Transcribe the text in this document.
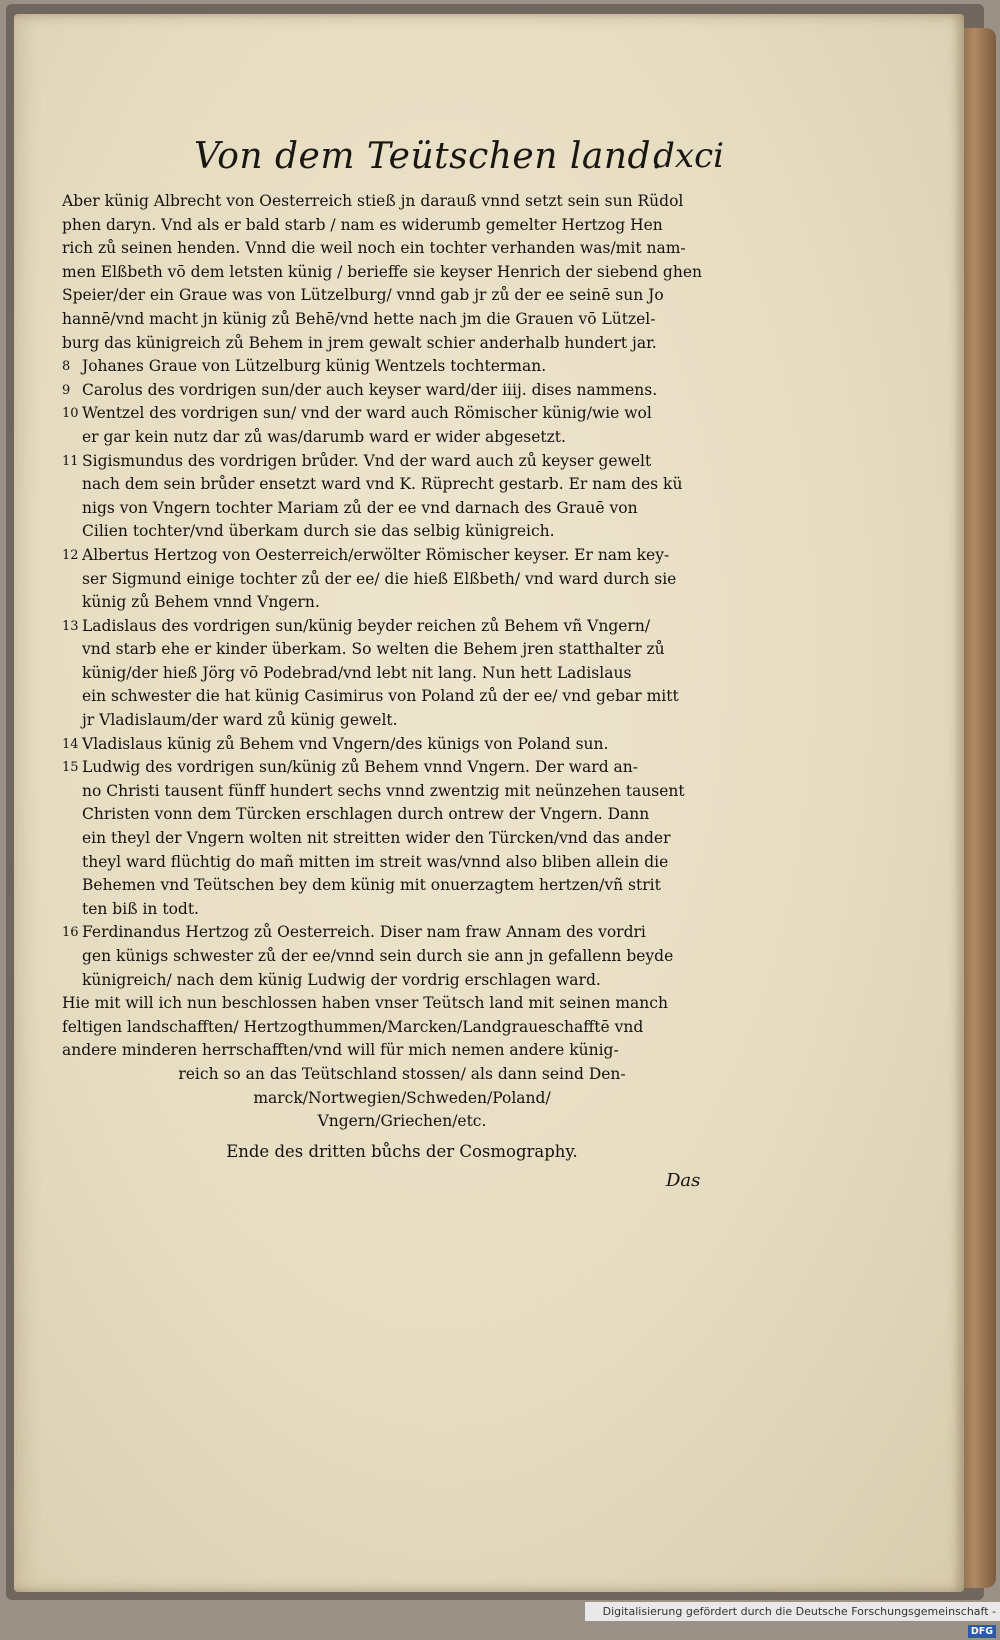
Von dem Teütschen land.
dxci
Aber künig Albrecht von Oesterreich stieß jn darauß vnnd setzt sein sun Rüdol
phen daryn. Vnd als er bald starb / nam es widerumb gemelter Hertzog Hen
rich zů seinen henden. Vnnd die weil noch ein tochter verhanden was/mit nam-
men Elßbeth vō dem letsten künig / berieffe sie keyser Henrich der siebend ghen
Speier/der ein Graue was von Lützelburg/ vnnd gab jr zů der ee seinē sun Jo
hannē/vnd macht jn künig zů Behē/vnd hette nach jm die Grauen vō Lützel-
burg das künigreich zů Behem in jrem gewalt schier anderhalb hundert jar.
8 Johanes Graue von Lützelburg künig Wentzels tochterman.
9 Carolus des vordrigen sun/der auch keyser ward/der iiij. dises nammens.
10 Wentzel des vordrigen sun/ vnd der ward auch Römischer künig/wie wol
er gar kein nutz dar zů was/darumb ward er wider abgesetzt.
11 Sigismundus des vordrigen brůder. Vnd der ward auch zů keyser gewelt
nach dem sein brůder ensetzt ward vnd K. Rüprecht gestarb. Er nam des kü
nigs von Vngern tochter Mariam zů der ee vnd darnach des Grauē von
Cilien tochter/vnd überkam durch sie das selbig künigreich.
12 Albertus Hertzog von Oesterreich/erwölter Römischer keyser. Er nam key-
ser Sigmund einige tochter zů der ee/ die hieß Elßbeth/ vnd ward durch sie
künig zů Behem vnnd Vngern.
13 Ladislaus des vordrigen sun/künig beyder reichen zů Behem vñ Vngern/
vnd starb ehe er kinder überkam. So welten die Behem jren statthalter zů
künig/der hieß Jörg vō Podebrad/vnd lebt nit lang. Nun hett Ladislaus
ein schwester die hat künig Casimirus von Poland zů der ee/ vnd gebar mitt
jr Vladislaum/der ward zů künig gewelt.
14 Vladislaus künig zů Behem vnd Vngern/des künigs von Poland sun.
15 Ludwig des vordrigen sun/künig zů Behem vnnd Vngern. Der ward an-
no Christi tausent fünff hundert sechs vnnd zwentzig mit neünzehen tausent
Christen vonn dem Türcken erschlagen durch ontrew der Vngern. Dann
ein theyl der Vngern wolten nit streitten wider den Türcken/vnd das ander
theyl ward flüchtig do mañ mitten im streit was/vnnd also bliben allein die
Behemen vnd Teütschen bey dem künig mit onuerzagtem hertzen/vñ strit
ten biß in todt.
16 Ferdinandus Hertzog zů Oesterreich. Diser nam fraw Annam des vordri
gen künigs schwester zů der ee/vnnd sein durch sie ann jn gefallenn beyde
künigreich/ nach dem künig Ludwig der vordrig erschlagen ward.
Hie mit will ich nun beschlossen haben vnser Teütsch land mit seinen manch
feltigen landschafften/ Hertzogthummen/Marcken/Landgraueschafftē vnd
andere minderen herrschafften/vnd will für mich nemen andere künig-
reich so an das Teütschland stossen/ als dann seind Den-
marck/Nortwegien/Schweden/Poland/
Vngern/Griechen/etc.
Ende des dritten bůchs der Cosmography.
Das
Digitalisierung gefördert durch die Deutsche Forschungsgemeinschaft -DFG
